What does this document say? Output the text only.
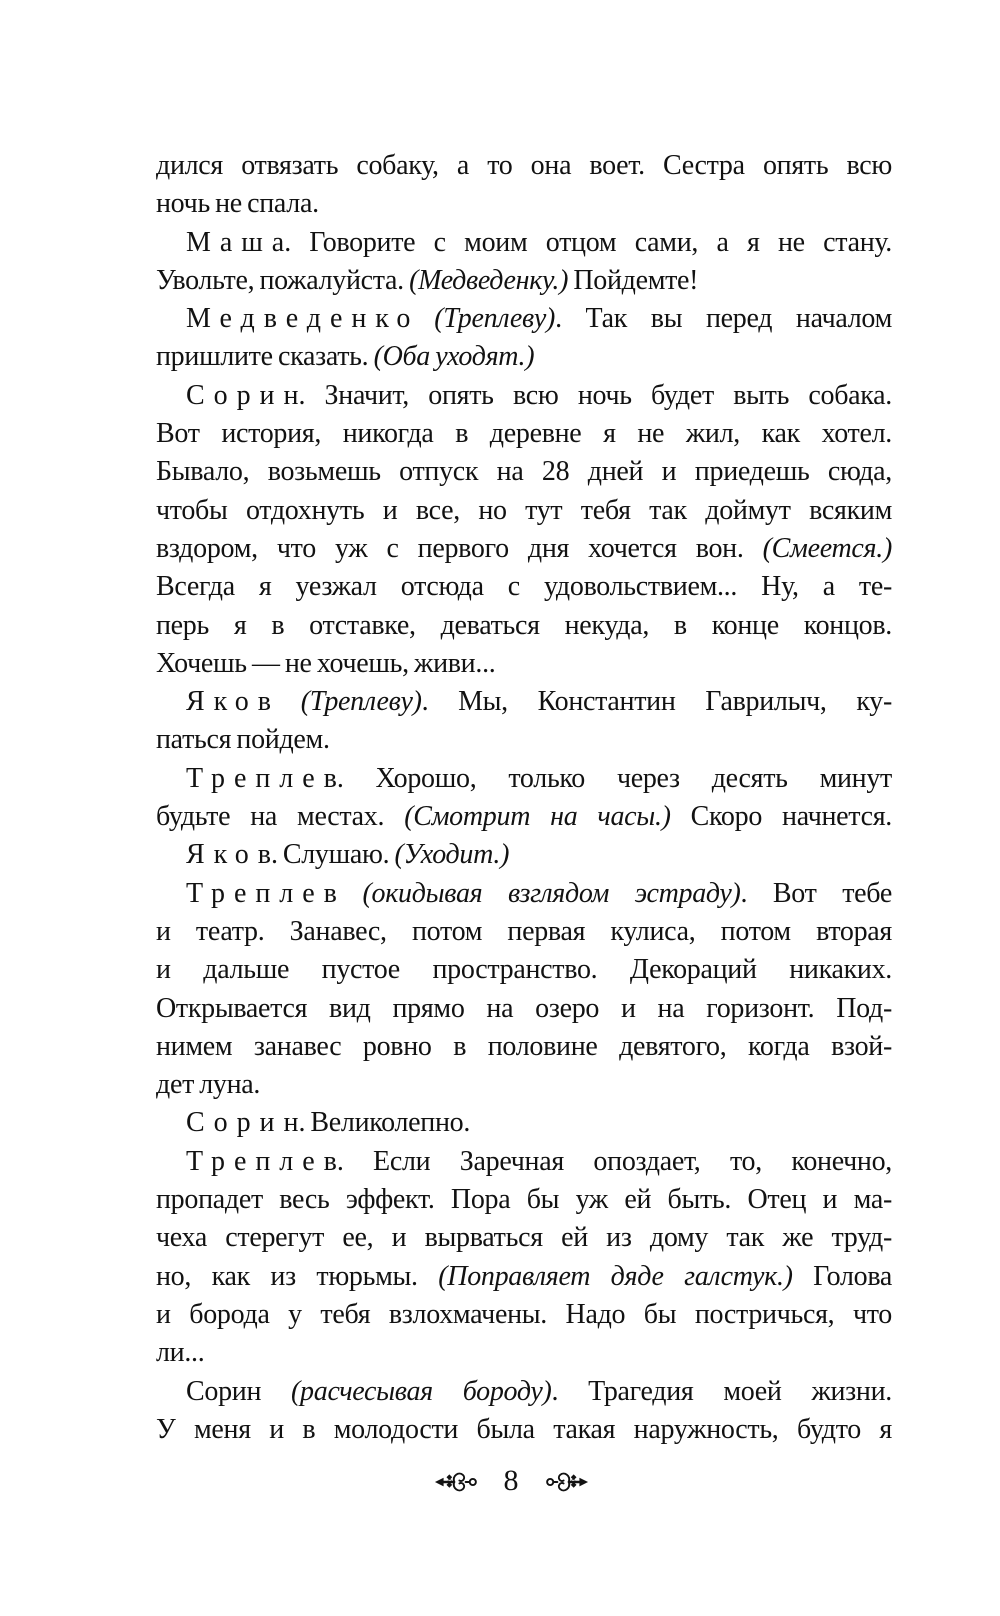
дился отвязать собаку, а то она воет. Сестра опять всю
ночь не спала.
Маша. Говорите с моим отцом сами, а я не стану.
Увольте, пожалуйста. (Медведенку.) Пойдемте!
Медведенко (Треплеву). Так вы перед началом
пришлите сказать. (Оба уходят.)
Сорин. Значит, опять всю ночь будет выть собака.
Вот история, никогда в деревне я не жил, как хотел.
Бывало, возьмешь отпуск на 28 дней и приедешь сюда,
чтобы отдохнуть и все, но тут тебя так доймут всяким
вздором, что уж с первого дня хочется вон. (Смеется.)
Всегда я уезжал отсюда с удовольствием... Ну, а те-
перь я в отставке, деваться некуда, в конце концов.
Хочешь — не хочешь, живи...
Яков (Треплеву). Мы, Константин Гаврилыч, ку-
паться пойдем.
Треплев. Хорошо, только через десять минут
будьте на местах. (Смотрит на часы.) Скоро начнется.
Яков. Слушаю. (Уходит.)
Треплев (окидывая взглядом эстраду). Вот тебе
и театр. Занавес, потом первая кулиса, потом вторая
и дальше пустое пространство. Декораций никаких.
Открывается вид прямо на озеро и на горизонт. Под-
нимем занавес ровно в половине девятого, когда взой-
дет луна.
Сорин. Великолепно.
Треплев. Если Заречная опоздает, то, конечно,
пропадет весь эффект. Пора бы уж ей быть. Отец и ма-
чеха стерегут ее, и вырваться ей из дому так же труд-
но, как из тюрьмы. (Поправляет дяде галстук.) Голова
и борода у тебя взлохмачены. Надо бы постричься, что
ли...
Сорин (расчесывая бороду). Трагедия моей жизни.
У меня и в молодости была такая наружность, будто я
8
